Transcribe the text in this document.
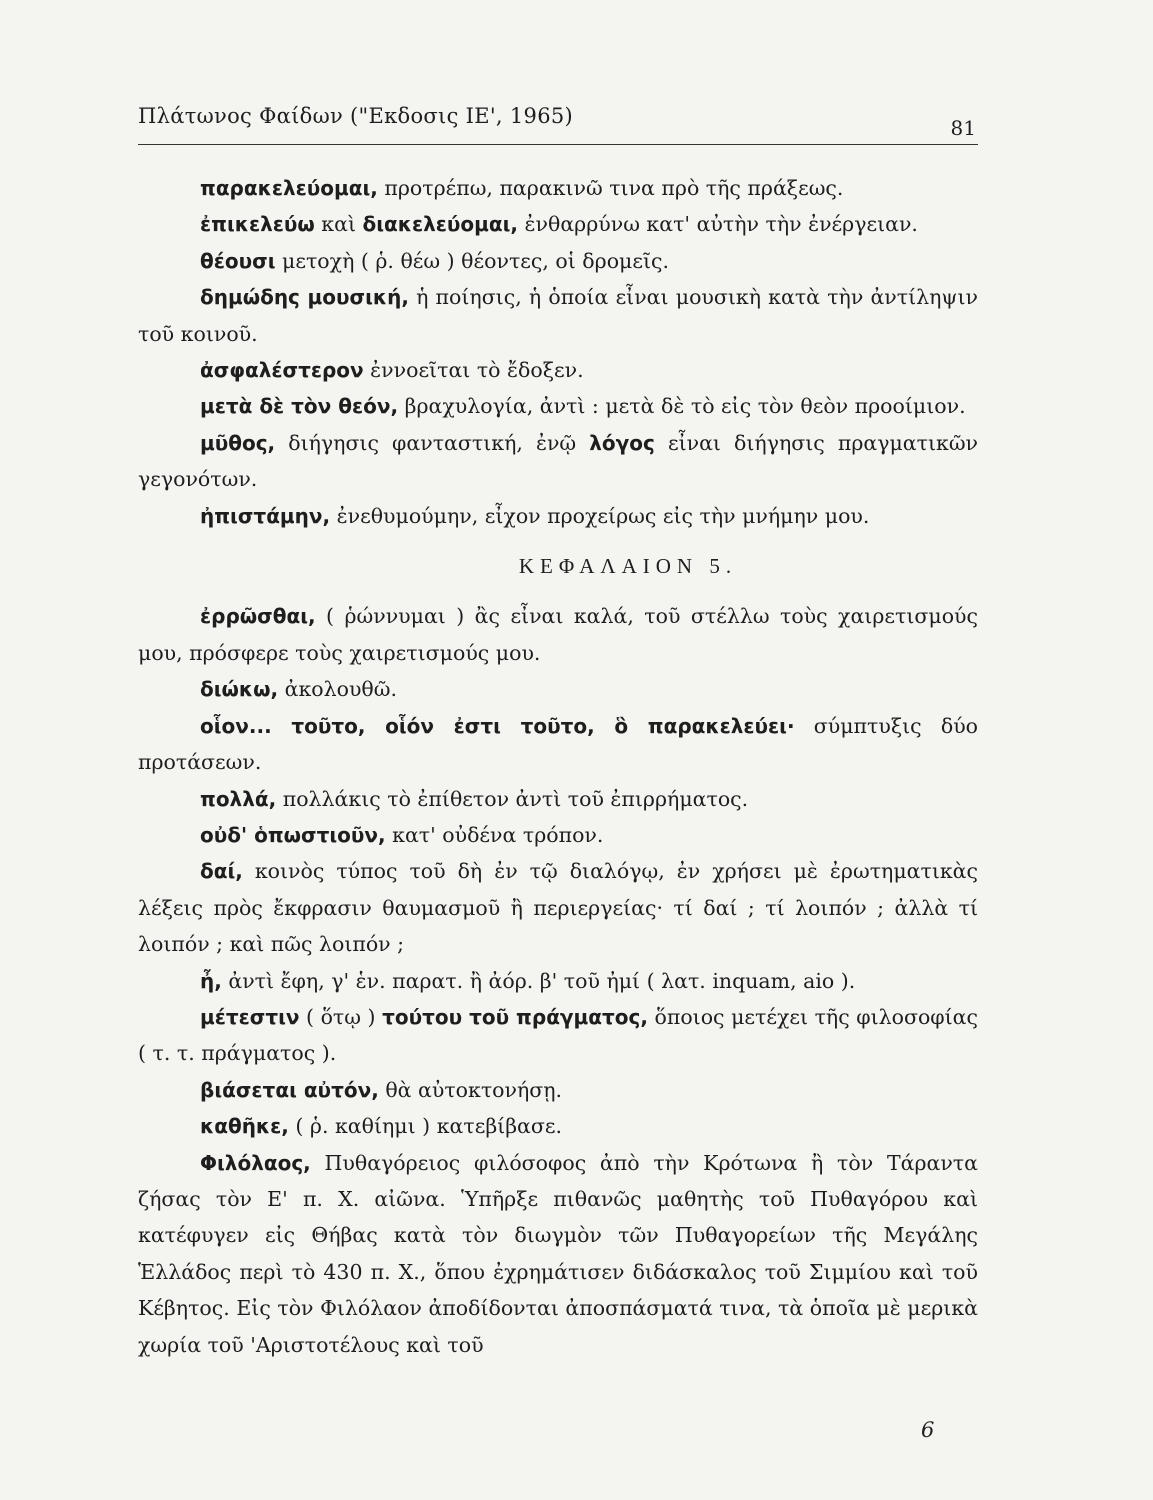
Πλάτωνος Φαίδων ("Εκδοσις ΙΕ', 1965)	81

παρακελεύομαι, προτρέπω, παρακινῶ τινα πρὸ τῆς πράξεως.

ἐπικελεύω καὶ διακελεύομαι, ἐνθαρρύνω κατ' αὐτὴν τὴν ἐνέργειαν.

θέουσι μετοχὴ ( ῥ. θέω ) θέοντες, οἱ δρομεῖς.

δημώδης μουσική, ἡ ποίησις, ἡ ὁποία εἶναι μουσικὴ κατὰ τὴν ἀντίληψιν τοῦ κοινοῦ.

ἀσφαλέστερον ἐννοεῖται τὸ ἔδοξεν.

μετὰ δὲ τὸν θεόν, βραχυλογία, ἀντὶ : μετὰ δὲ τὸ εἰς τὸν θεὸν προοίμιον.

μῦθος, διήγησις φανταστική, ἐνῷ λόγος εἶναι διήγησις πραγματικῶν γεγονότων.

ἠπιστάμην, ἐνεθυμούμην, εἶχον προχείρως εἰς τὴν μνήμην μου.

ΚΕΦΑΛΑΙΟΝ 5.

ἐρρῶσθαι, ( ῥώννυμαι ) ἂς εἶναι καλά, τοῦ στέλλω τοὺς χαιρετισμούς μου, πρόσφερε τοὺς χαιρετισμούς μου.

διώκω, ἀκολουθῶ.

οἷον... τοῦτο, οἷόν ἐστι τοῦτο, ὃ παρακελεύει· σύμπτυξις δύο προτάσεων.

πολλά, πολλάκις τὸ ἐπίθετον ἀντὶ τοῦ ἐπιρρήματος.

οὐδ' ὁπωστιοῦν, κατ' οὐδένα τρόπον.

δαί, κοινὸς τύπος τοῦ δὴ ἐν τῷ διαλόγῳ, ἐν χρήσει μὲ ἐρωτηματικὰς λέξεις πρὸς ἔκφρασιν θαυμασμοῦ ἢ περιεργείας· τί δαί ; τί λοιπόν ; ἀλλὰ τί λοιπόν ; καὶ πῶς λοιπόν ;

ἦ, ἀντὶ ἔφη, γ' ἑν. παρατ. ἢ ἀόρ. β' τοῦ ἠμί ( λατ. inquam, aio ).

μέτεστιν ( ὅτῳ ) τούτου τοῦ πράγματος, ὅποιος μετέχει τῆς φιλοσοφίας ( τ. τ. πράγματος ).

βιάσεται αὐτόν, θὰ αὐτοκτονήσῃ.

καθῆκε, ( ῥ. καθίημι ) κατεβίβασε.

Φιλόλαος, Πυθαγόρειος φιλόσοφος ἀπὸ τὴν Κρότωνα ἢ τὸν Τάραντα ζήσας τὸν Ε' π. Χ. αἰῶνα. Ὑπῆρξε πιθανῶς μαθητὴς τοῦ Πυθαγόρου καὶ κατέφυγεν εἰς Θήβας κατὰ τὸν διωγμὸν τῶν Πυθαγορείων τῆς Μεγάλης Ἑλλάδος περὶ τὸ 430 π. Χ., ὅπου ἐχρημάτισεν διδάσκαλος τοῦ Σιμμίου καὶ τοῦ Κέβητος. Εἰς τὸν Φιλόλαον ἀποδίδονται ἀποσπάσματά τινα, τὰ ὁποῖα μὲ μερικὰ χωρία τοῦ 'Αριστοτέλους καὶ τοῦ

6
